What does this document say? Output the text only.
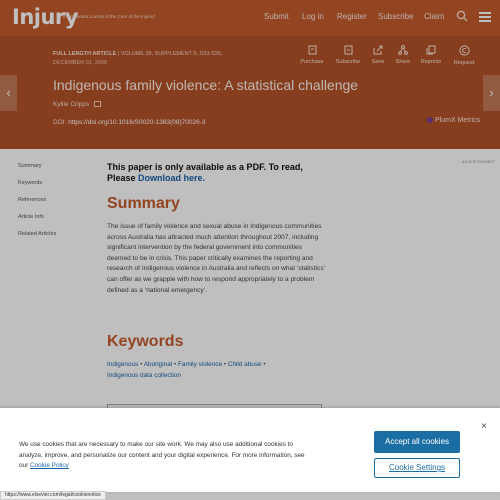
Injury
International Journal of the Care of the Injured	Submit Log in Register Subscribe Claim
FULL LENGTH ARTICLE | VOLUME 39, SUPPLEMENT 5, S33-S35,
DECEMBER 01, 2008
Indigenous family violence: A statistical challenge
Kyllie Cripps
DOI: https://doi.org/10.1016/S0020-1383(08)70026-3	PlumX Metrics
Purchase	Subscribe	Save	Share	Reprints	Request
‹	›
Summary
Keywords
References
Article Info
Related Articles
ADVERTISEMENT
This paper is only available as a PDF. To read,
Please Download here.
Summary
The issue of family violence and sexual abuse in Indigenous communities across Australia has attracted much attention throughout 2007, including significant intervention by the federal government into communities deemed to be in crisis. This paper critically examines the reporting and research of Indigenous violence in Australia and reflects on what ‘statistics’ can offer as we grapple with how to respond appropriately to a problem defined as a ‘national emergency’.
Keywords
Indigenous • Aboriginal • Family violence • Child abuse •
Indigenous data collection
We use cookies that are necessary to make our site work. We may also use additional cookies to analyze, improve, and personalize our content and your digital experience. For more information, see our Cookie Policy
Accept all cookies
Cookie Settings
×
https://www.elsevier.com/legal/cookienotice
